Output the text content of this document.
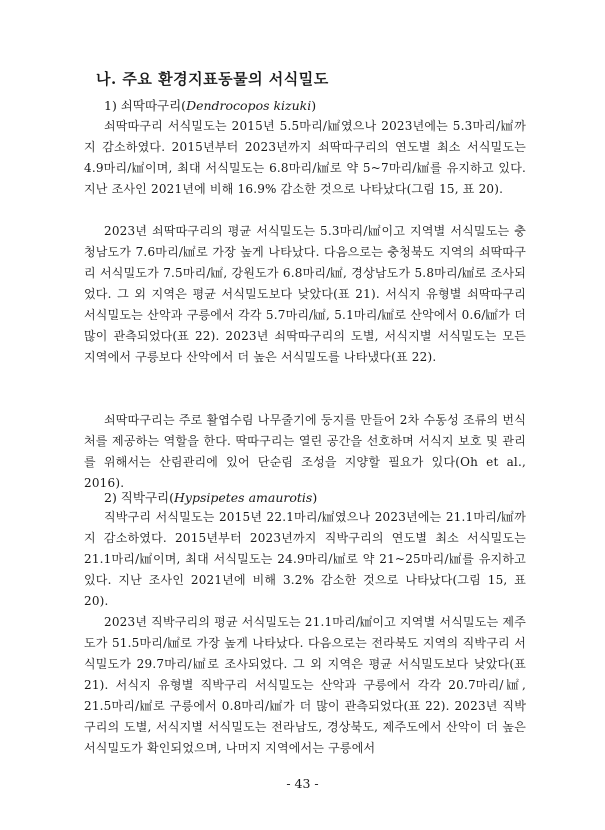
나. 주요 환경지표동물의 서식밀도

1) 쇠딱따구리(Dendrocopos kizuki)

쇠딱따구리 서식밀도는 2015년 5.5마리/㎢였으나 2023년에는 5.3마리/㎢까지 감소하였다. 2015년부터 2023년까지 쇠딱따구리의 연도별 최소 서식밀도는 4.9마리/㎢이며, 최대 서식밀도는 6.8마리/㎢로 약 5~7마리/㎢를 유지하고 있다. 지난 조사인 2021년에 비해 16.9% 감소한 것으로 나타났다(그림 15, 표 20).

2023년 쇠딱따구리의 평균 서식밀도는 5.3마리/㎢이고 지역별 서식밀도는 충청남도가 7.6마리/㎢로 가장 높게 나타났다. 다음으로는 충청북도 지역의 쇠딱따구리 서식밀도가 7.5마리/㎢, 강원도가 6.8마리/㎢, 경상남도가 5.8마리/㎢로 조사되었다. 그 외 지역은 평균 서식밀도보다 낮았다(표 21). 서식지 유형별 쇠딱따구리 서식밀도는 산악과 구릉에서 각각 5.7마리/㎢, 5.1마리/㎢로 산악에서 0.6/㎢가 더 많이 관측되었다(표 22). 2023년 쇠딱따구리의 도별, 서식지별 서식밀도는 모든 지역에서 구릉보다 산악에서 더 높은 서식밀도를 나타냈다(표 22).

쇠딱따구리는 주로 활엽수림 나무줄기에 둥지를 만들어 2차 수동성 조류의 번식처를 제공하는 역할을 한다. 딱따구리는 열린 공간을 선호하며 서식지 보호 및 관리를 위해서는 산림관리에 있어 단순림 조성을 지양할 필요가 있다(Oh et al., 2016).

2) 직박구리(Hypsipetes amaurotis)

직박구리 서식밀도는 2015년 22.1마리/㎢였으나 2023년에는 21.1마리/㎢까지 감소하였다. 2015년부터 2023년까지 직박구리의 연도별 최소 서식밀도는 21.1마리/㎢이며, 최대 서식밀도는 24.9마리/㎢로 약 21~25마리/㎢를 유지하고 있다. 지난 조사인 2021년에 비해 3.2% 감소한 것으로 나타났다(그림 15, 표 20).

2023년 직박구리의 평균 서식밀도는 21.1마리/㎢이고 지역별 서식밀도는 제주도가 51.5마리/㎢로 가장 높게 나타났다. 다음으로는 전라북도 지역의 직박구리 서식밀도가 29.7마리/㎢로 조사되었다. 그 외 지역은 평균 서식밀도보다 낮았다(표 21). 서식지 유형별 직박구리 서식밀도는 산악과 구릉에서 각각 20.7마리/㎢, 21.5마리/㎢로 구릉에서 0.8마리/㎢가 더 많이 관측되었다(표 22). 2023년 직박구리의 도별, 서식지별 서식밀도는 전라남도, 경상북도, 제주도에서 산악이 더 높은 서식밀도가 확인되었으며, 나머지 지역에서는 구릉에서

- 43 -
